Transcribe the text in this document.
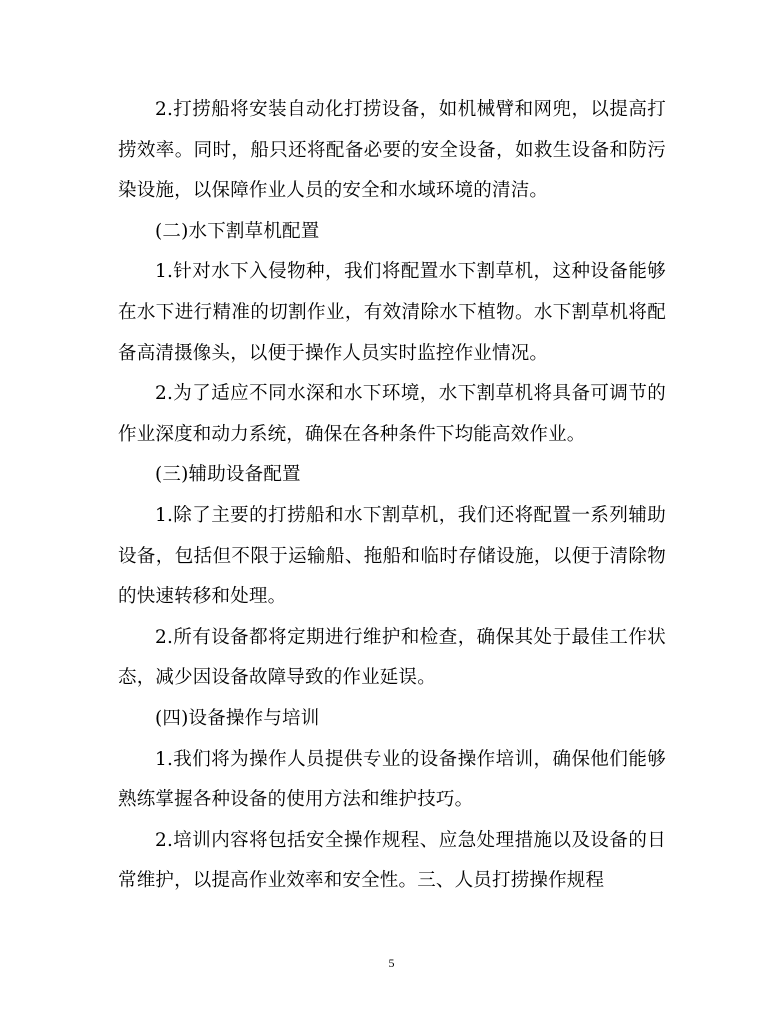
2.打捞船将安装自动化打捞设备，如机械臂和网兜，以提高打捞效率。同时，船只还将配备必要的安全设备，如救生设备和防污染设施，以保障作业人员的安全和水域环境的清洁。

(二)水下割草机配置

1.针对水下入侵物种，我们将配置水下割草机，这种设备能够在水下进行精准的切割作业，有效清除水下植物。水下割草机将配备高清摄像头，以便于操作人员实时监控作业情况。

2.为了适应不同水深和水下环境，水下割草机将具备可调节的作业深度和动力系统，确保在各种条件下均能高效作业。

(三)辅助设备配置

1.除了主要的打捞船和水下割草机，我们还将配置一系列辅助设备，包括但不限于运输船、拖船和临时存储设施，以便于清除物的快速转移和处理。

2.所有设备都将定期进行维护和检查，确保其处于最佳工作状态，减少因设备故障导致的作业延误。

(四)设备操作与培训

1.我们将为操作人员提供专业的设备操作培训，确保他们能够熟练掌握各种设备的使用方法和维护技巧。

2.培训内容将包括安全操作规程、应急处理措施以及设备的日常维护，以提高作业效率和安全性。三、人员打捞操作规程

5
